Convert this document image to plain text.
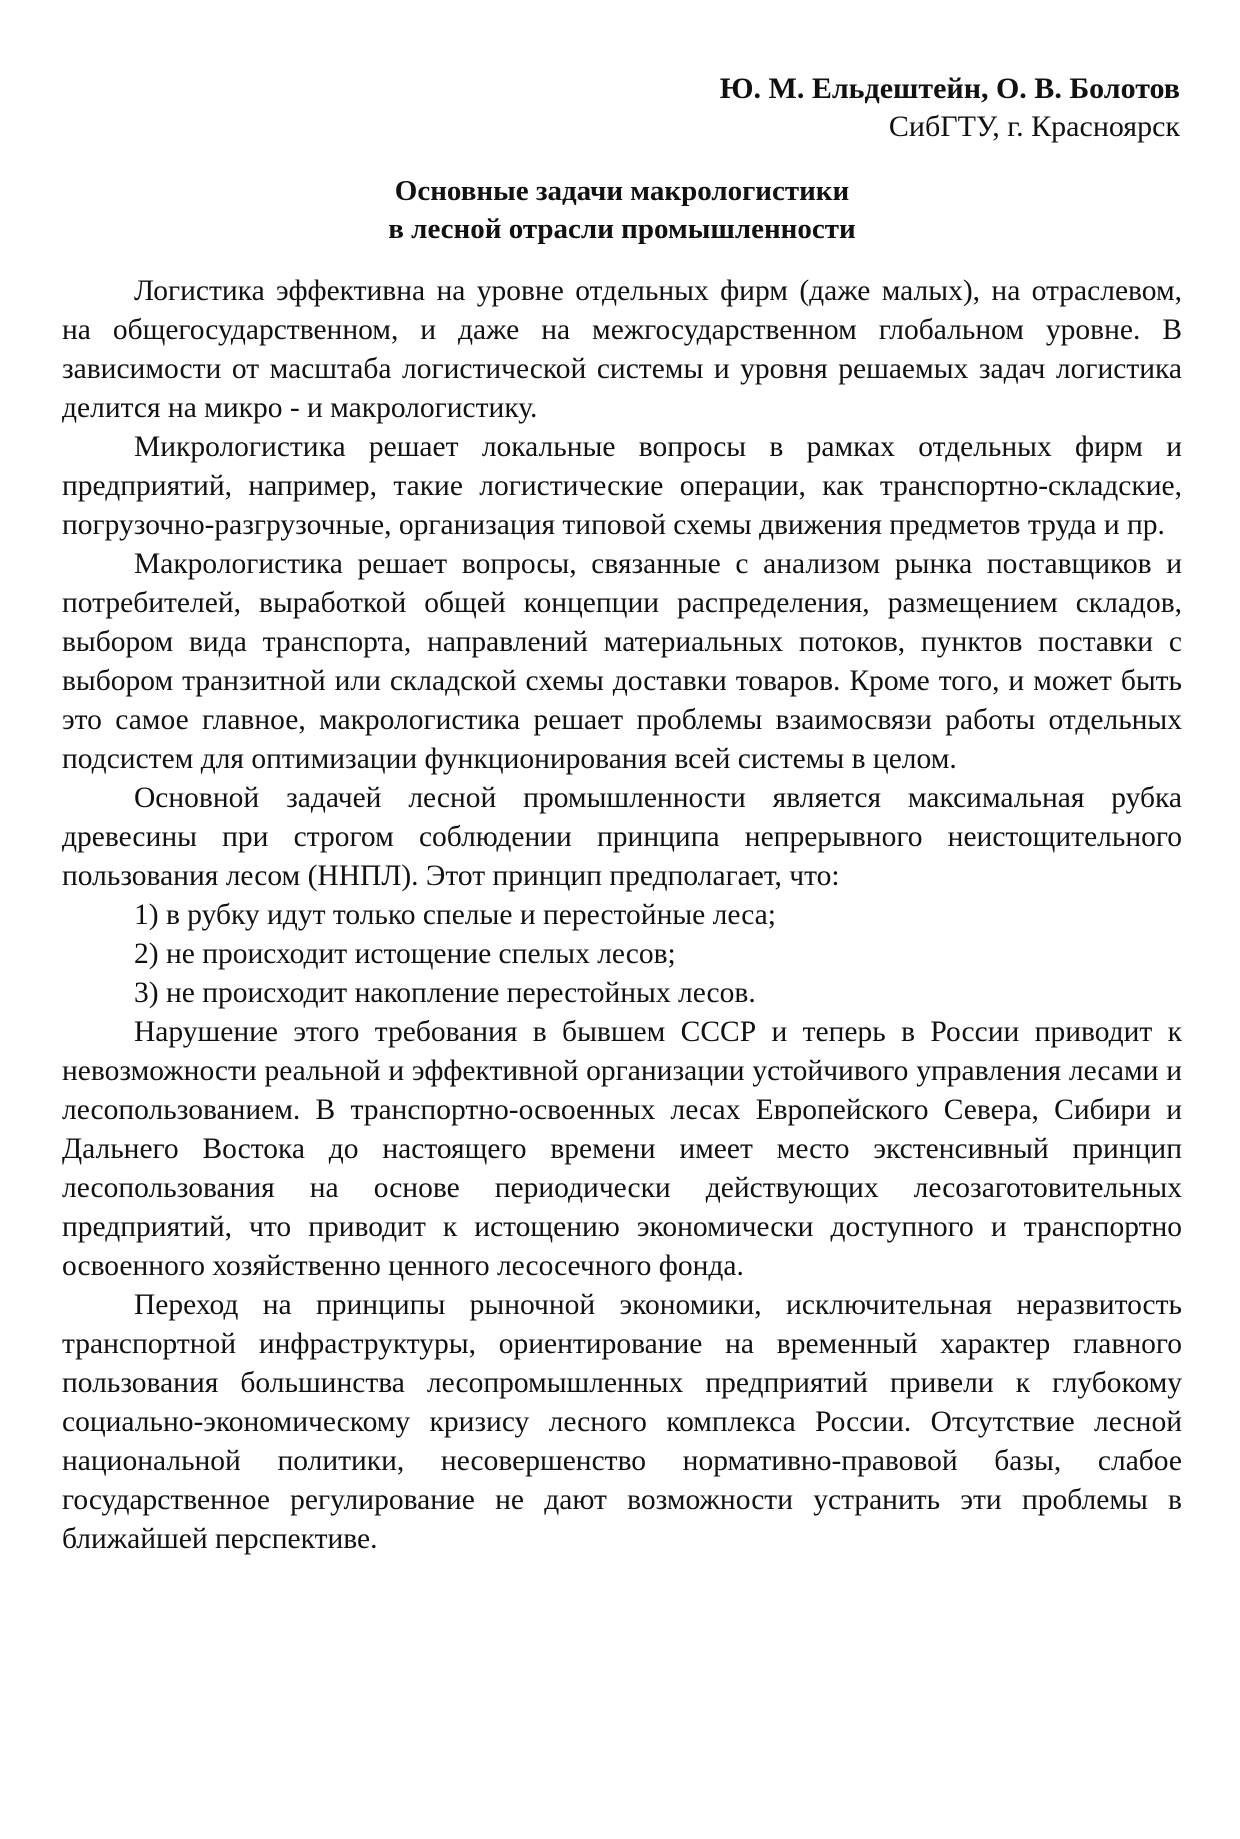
Ю. М. Ельдештейн, О. В. Болотов
СибГТУ, г. Красноярск
Основные задачи макрологистики
в лесной отрасли промышленности

Логистика эффективна на уровне отдельных фирм (даже малых), на отраслевом, на общегосударственном, и даже на межгосударственном глобальном уровне. В зависимости от масштаба логистической системы и уровня решаемых задач логистика делится на микро - и макрологистику.

Микрологистика решает локальные вопросы в рамках отдельных фирм и предприятий, например, такие логистические операции, как транспортно-складские, погрузочно-разгрузочные, организация типовой схемы движения предметов труда и пр.

Макрологистика решает вопросы, связанные с анализом рынка поставщиков и потребителей, выработкой общей концепции распределения, размещением складов, выбором вида транспорта, направлений материальных потоков, пунктов поставки с выбором транзитной или складской схемы доставки товаров. Кроме того, и может быть это самое главное, макрологистика решает проблемы взаимосвязи работы отдельных подсистем для оптимизации функционирования всей системы в целом.

Основной задачей лесной промышленности является максимальная рубка древесины при строгом соблюдении принципа непрерывного неистощительного пользования лесом (ННПЛ). Этот принцип предполагает, что:

1) в рубку идут только спелые и перестойные леса;

2) не происходит истощение спелых лесов;

3) не происходит накопление перестойных лесов.

Нарушение этого требования в бывшем СССР и теперь в России приводит к невозможности реальной и эффективной организации устойчивого управления лесами и лесопользованием. В транспортно-освоенных лесах Европейского Севера, Сибири и Дальнего Востока до настоящего времени имеет место экстенсивный принцип лесопользования на основе периодически действующих лесозаготовительных предприятий, что приводит к истощению экономически доступного и транспортно освоенного хозяйственно ценного лесосечного фонда.

Переход на принципы рыночной экономики, исключительная неразвитость транспортной инфраструктуры, ориентирование на временный характер главного пользования большинства лесопромышленных предприятий привели к глубокому социально-экономическому кризису лесного комплекса России. Отсутствие лесной национальной политики, несовершенство нормативно-правовой базы, слабое государственное регулирование не дают возможности устранить эти проблемы в ближайшей перспективе.
